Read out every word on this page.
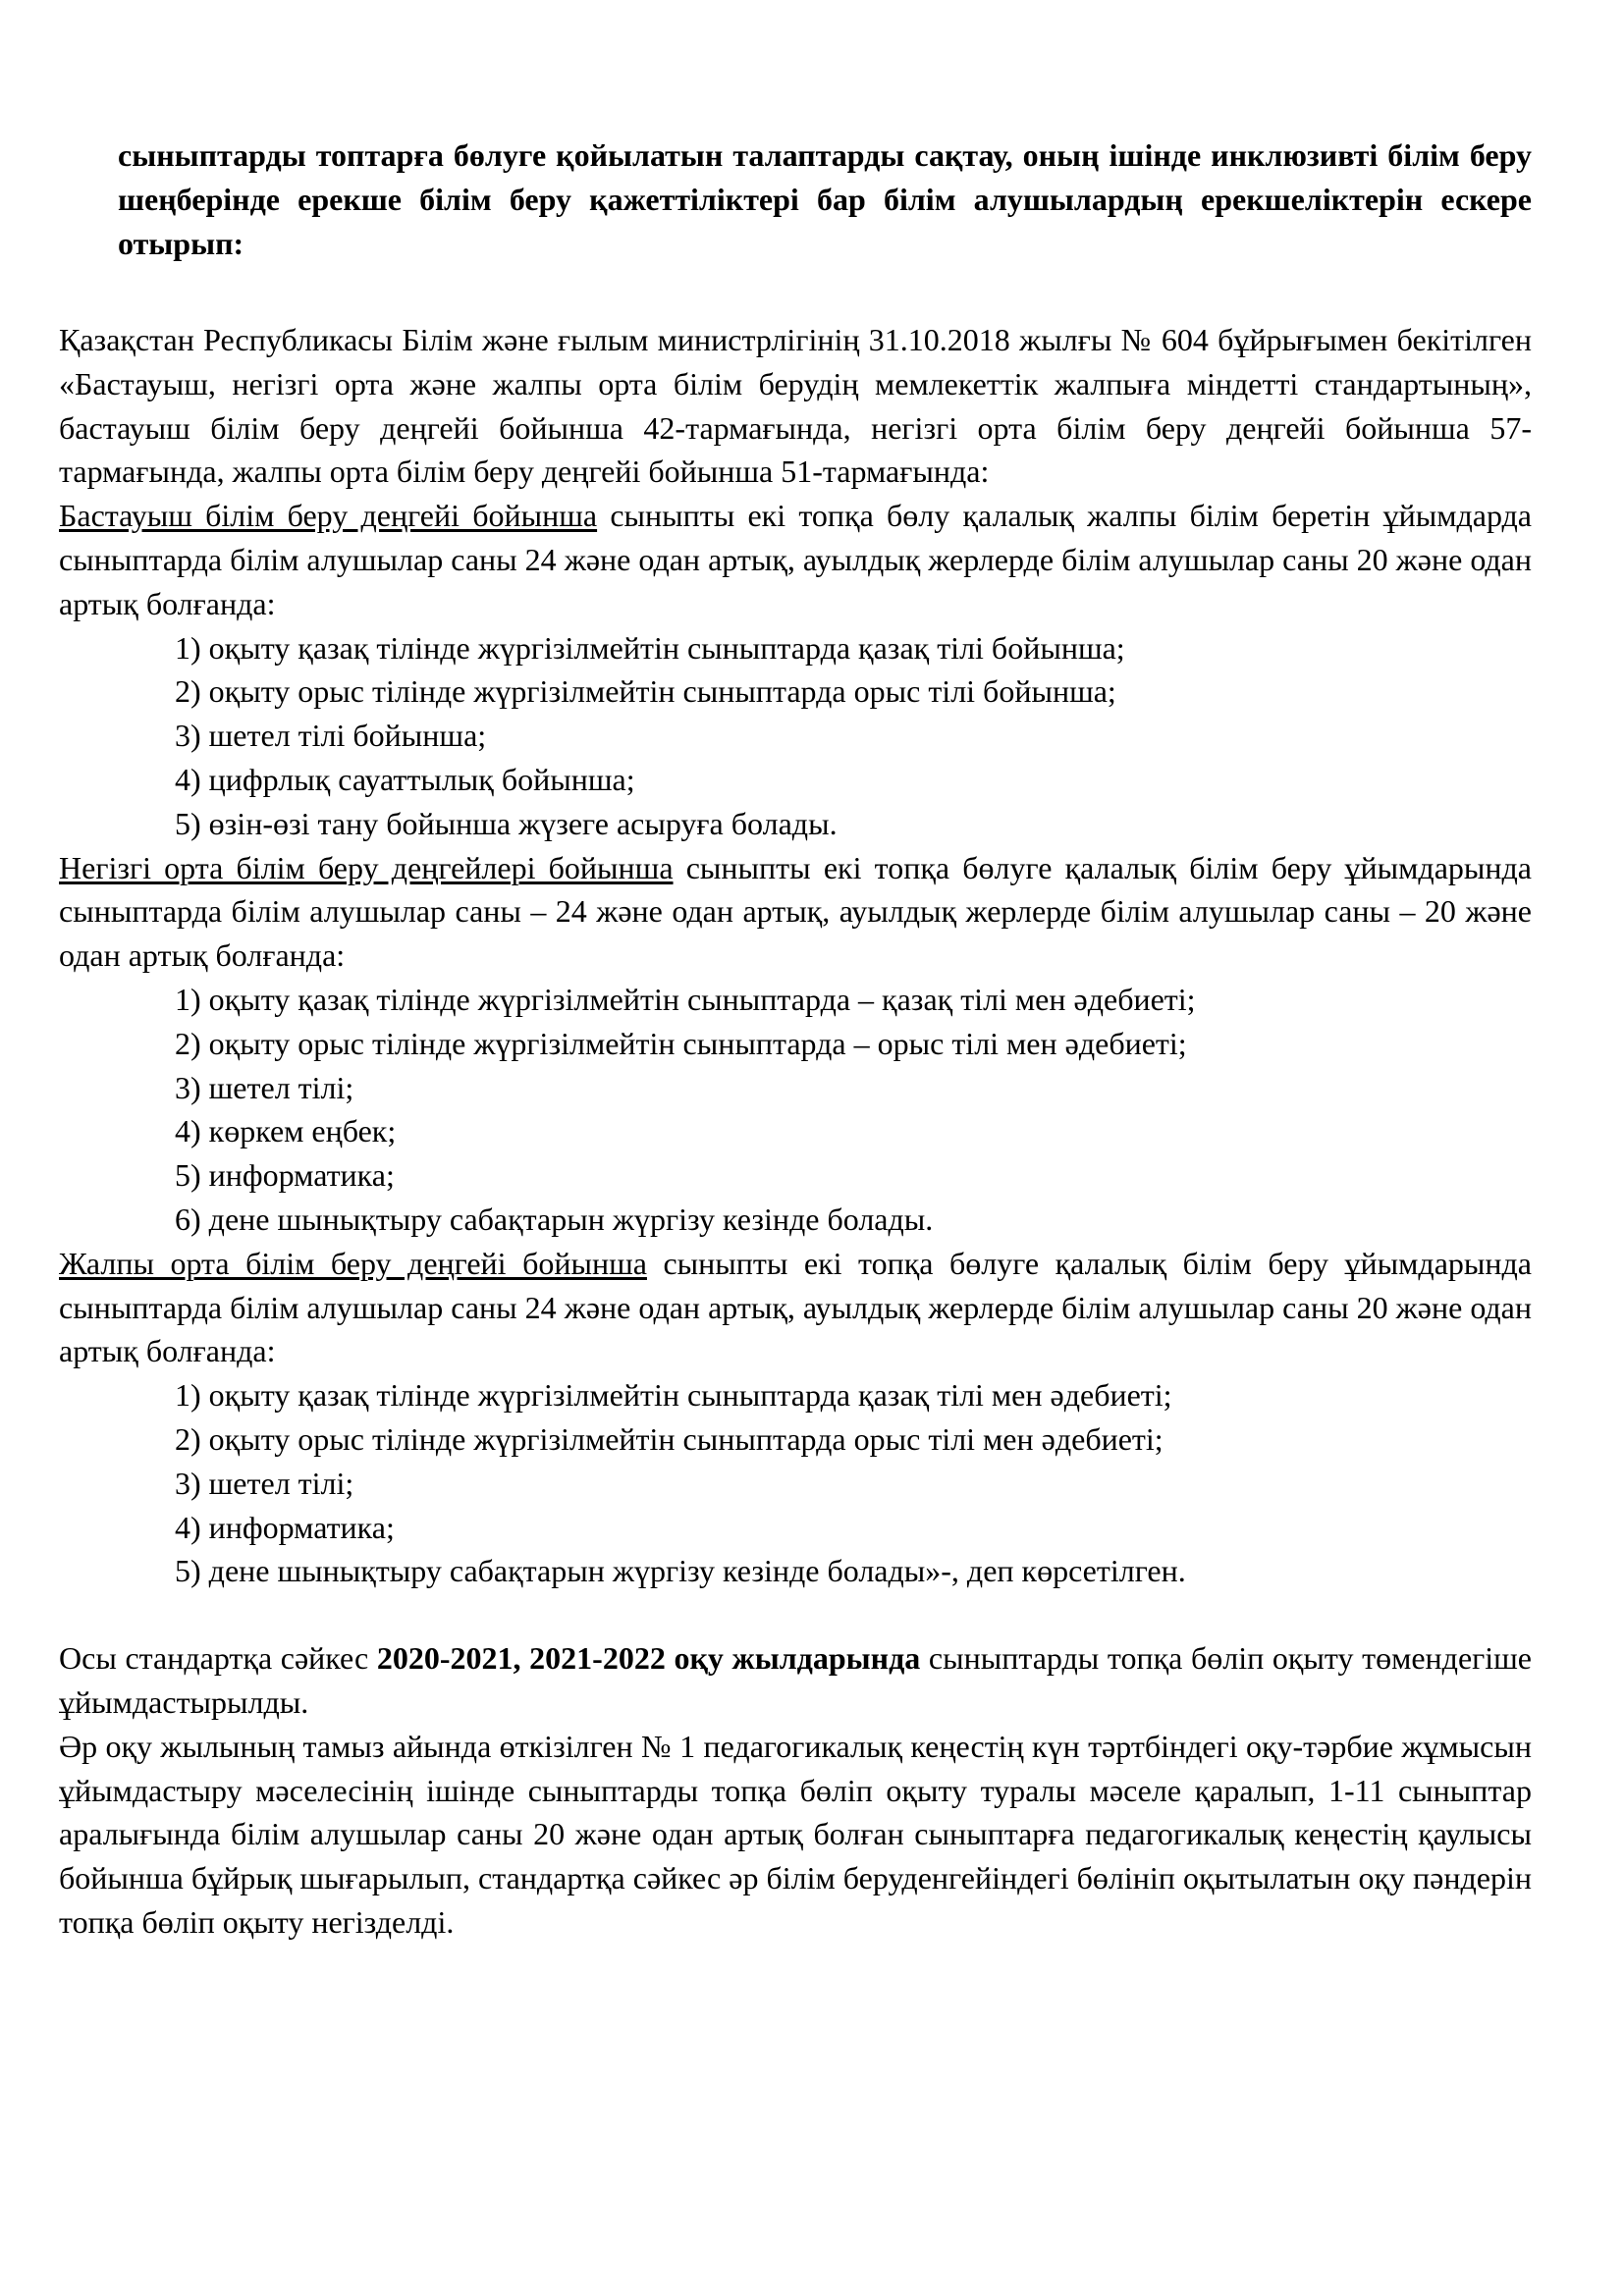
сыныптарды топтарға бөлуге қойылатын талаптарды сақтау, оның ішінде инклюзивті білім беру шеңберінде ерекше білім беру қажеттіліктері бар білім алушылардың ерекшеліктерін ескере отырып:

Қазақстан Республикасы Білім және ғылым министрлігінің 31.10.2018 жылғы № 604 бұйрығымен бекітілген «Бастауыш, негізгі орта және жалпы орта білім берудің мемлекеттік жалпыға міндетті стандартының», бастауыш білім беру деңгейі бойынша 42-тармағында, негізгі орта білім беру деңгейі бойынша 57- тармағында, жалпы орта білім беру деңгейі бойынша 51-тармағында:

Бастауыш білім беру деңгейі бойынша сыныпты екі топқа бөлу қалалық жалпы білім беретін ұйымдарда сыныптарда білім алушылар саны 24 және одан артық, ауылдық жерлерде білім алушылар саны 20 және одан артық болғанда:

1) оқыту қазақ тілінде жүргізілмейтін сыныптарда қазақ тілі бойынша;

2) оқыту орыс тілінде жүргізілмейтін сыныптарда орыс тілі бойынша;

3) шетел тілі бойынша;

4) цифрлық сауаттылық бойынша;

5) өзін-өзі тану бойынша жүзеге асыруға болады.

Негізгі орта білім беру деңгейлері бойынша сыныпты екі топқа бөлуге қалалық білім беру ұйымдарында сыныптарда білім алушылар саны – 24 және одан артық, ауылдық жерлерде білім алушылар саны – 20 және одан артық болғанда:

1) оқыту қазақ тілінде жүргізілмейтін сыныптарда – қазақ тілі мен әдебиеті;

2) оқыту орыс тілінде жүргізілмейтін сыныптарда – орыс тілі мен әдебиеті;

3) шетел тілі;

4) көркем еңбек;

5) информатика;

6) дене шынықтыру сабақтарын жүргізу кезінде болады.

Жалпы орта білім беру деңгейі бойынша сыныпты екі топқа бөлуге қалалық білім беру ұйымдарында сыныптарда білім алушылар саны 24 және одан артық, ауылдық жерлерде білім алушылар саны 20 және одан артық болғанда:

1) оқыту қазақ тілінде жүргізілмейтін сыныптарда қазақ тілі мен әдебиеті;

2) оқыту орыс тілінде жүргізілмейтін сыныптарда орыс тілі мен әдебиеті;

3) шетел тілі;

4) информатика;

5) дене шынықтыру сабақтарын жүргізу кезінде болады»-, деп көрсетілген.

Осы стандартқа сәйкес 2020-2021, 2021-2022 оқу жылдарында сыныптарды топқа бөліп оқыту төмендегіше ұйымдастырылды.

Әр оқу жылының тамыз айында өткізілген № 1 педагогикалық кеңестің күн тәртбіндегі оқу-тәрбие жұмысын ұйымдастыру мәселесінің ішінде сыныптарды топқа бөліп оқыту туралы мәселе қаралып, 1-11 сыныптар аралығында білім алушылар саны 20 және одан артық болған сыныптарға педагогикалық кеңестің қаулысы бойынша бұйрық шығарылып, стандартқа сәйкес әр білім беруденгейіндегі бөлініп оқытылатын оқу пәндерін топқа бөліп оқыту негізделді.
